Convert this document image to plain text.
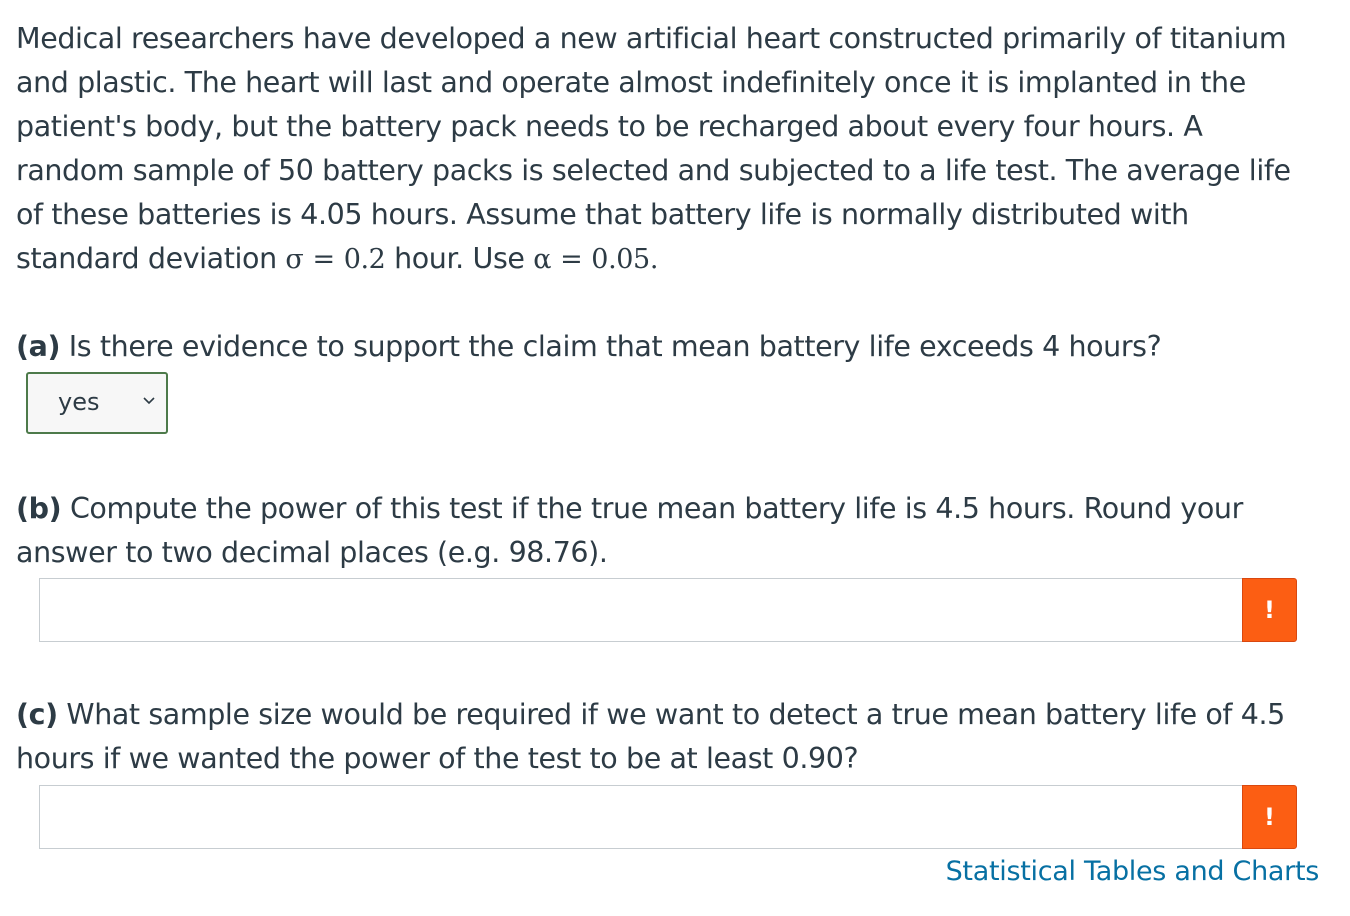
Medical researchers have developed a new artificial heart constructed primarily of titanium and plastic. The heart will last and operate almost indefinitely once it is implanted in the patient's body, but the battery pack needs to be recharged about every four hours. A random sample of 50 battery packs is selected and subjected to a life test. The average life of these batteries is 4.05 hours. Assume that battery life is normally distributed with standard deviation σ = 0.2 hour. Use α = 0.05.
(a) Is there evidence to support the claim that mean battery life exceeds 4 hours?
yes
(b) Compute the power of this test if the true mean battery life is 4.5 hours. Round your answer to two decimal places (e.g. 98.76).
!
(c) What sample size would be required if we want to detect a true mean battery life of 4.5 hours if we wanted the power of the test to be at least 0.90?
!
Statistical Tables and Charts
